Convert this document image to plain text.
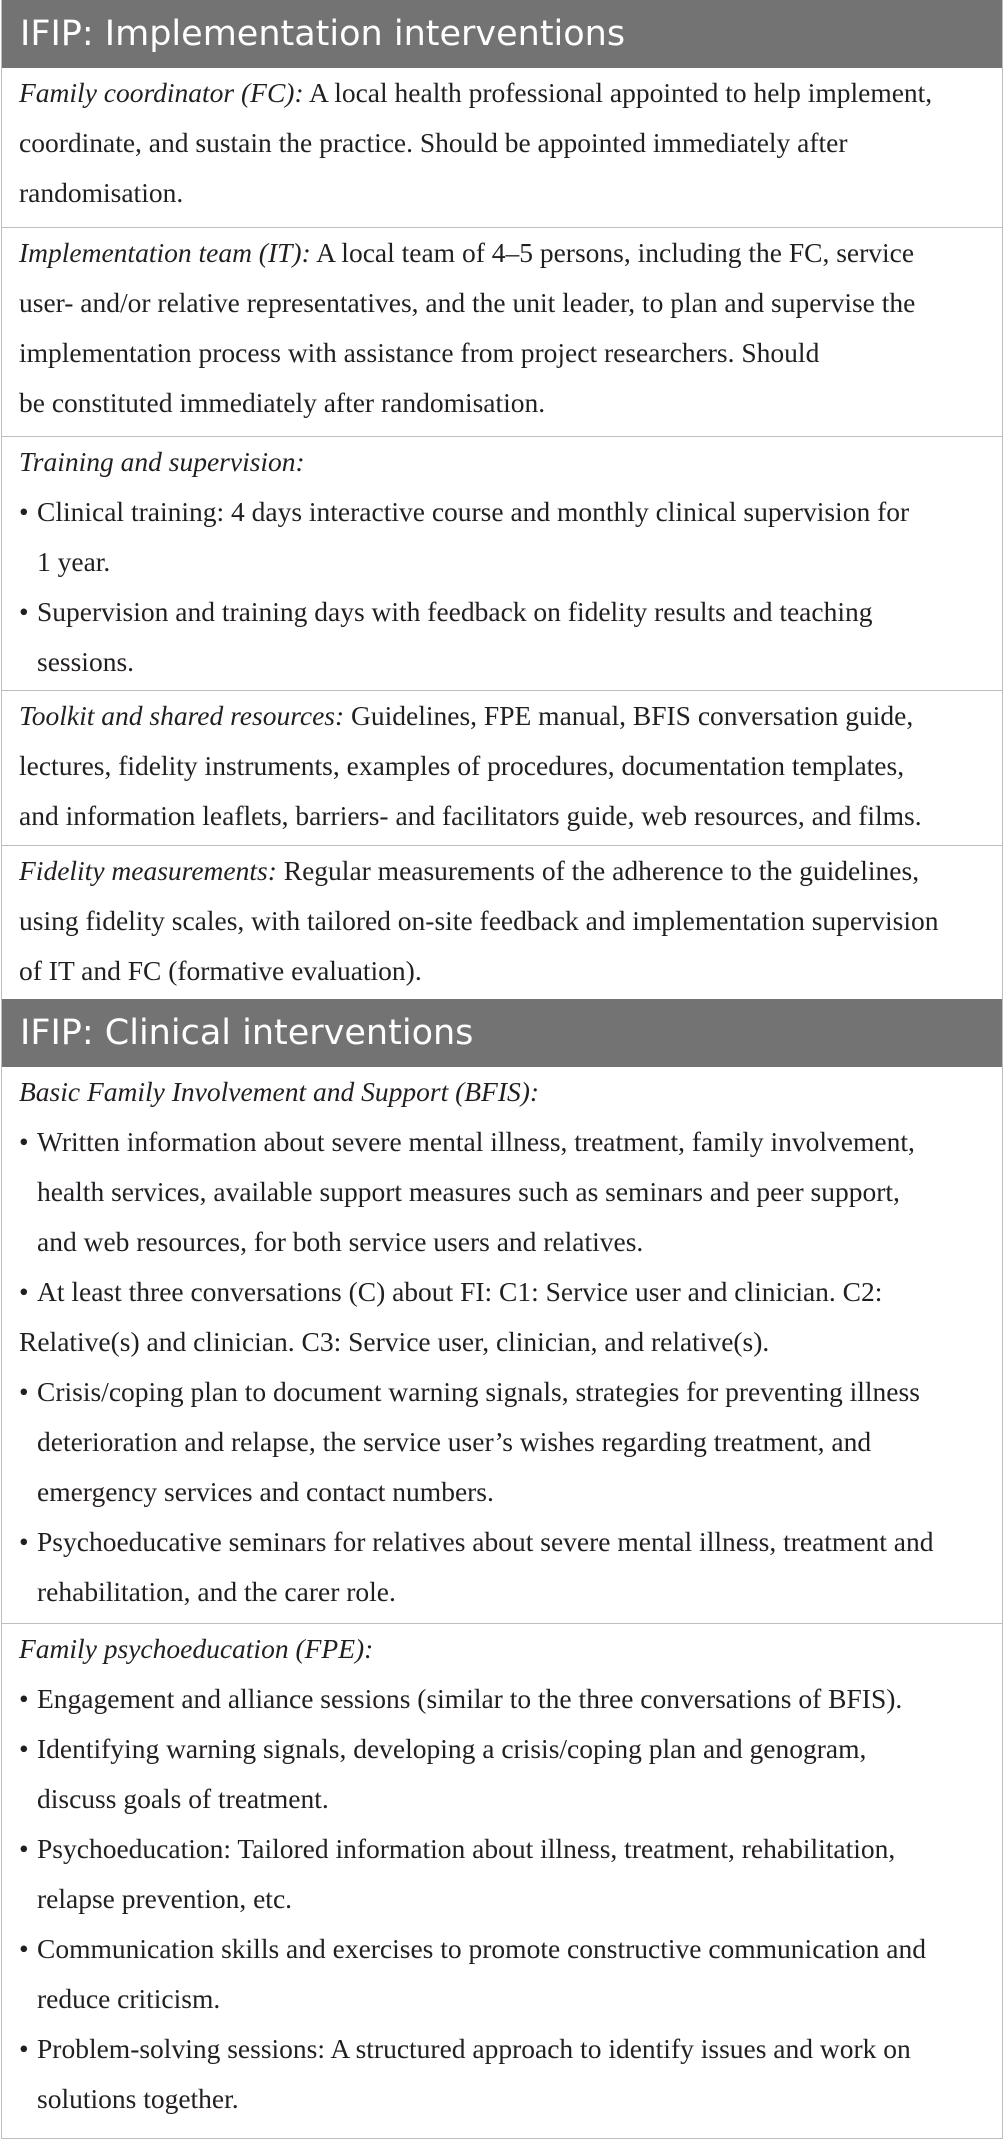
IFIP: Implementation interventions

Family coordinator (FC): A local health professional appointed to help implement,

coordinate, and sustain the practice. Should be appointed immediately after

randomisation.

Implementation team (IT): A local team of 4–5 persons, including the FC, service

user- and/or relative representatives, and the unit leader, to plan and supervise the

implementation process with assistance from project researchers. Should

be constituted immediately after randomisation.

Training and supervision:

• Clinical training: 4 days interactive course and monthly clinical supervision for
1 year.
• Supervision and training days with feedback on fidelity results and teaching
sessions.

Toolkit and shared resources: Guidelines, FPE manual, BFIS conversation guide,

lectures, fidelity instruments, examples of procedures, documentation templates,

and information leaflets, barriers- and facilitators guide, web resources, and films.

Fidelity measurements: Regular measurements of the adherence to the guidelines,

using fidelity scales, with tailored on-site feedback and implementation supervision

of IT and FC (formative evaluation).

IFIP: Clinical interventions

Basic Family Involvement and Support (BFIS):

• Written information about severe mental illness, treatment, family involvement,
health services, available support measures such as seminars and peer support,
and web resources, for both service users and relatives.
• At least three conversations (C) about FI: C1: Service user and clinician. C2:
Relative(s) and clinician. C3: Service user, clinician, and relative(s).
• Crisis/coping plan to document warning signals, strategies for preventing illness
deterioration and relapse, the service user’s wishes regarding treatment, and
emergency services and contact numbers.
• Psychoeducative seminars for relatives about severe mental illness, treatment and
rehabilitation, and the carer role.

Family psychoeducation (FPE):

• Engagement and alliance sessions (similar to the three conversations of BFIS).
• Identifying warning signals, developing a crisis/coping plan and genogram,
discuss goals of treatment.
• Psychoeducation: Tailored information about illness, treatment, rehabilitation,
relapse prevention, etc.
• Communication skills and exercises to promote constructive communication and
reduce criticism.
• Problem-solving sessions: A structured approach to identify issues and work on
solutions together.
